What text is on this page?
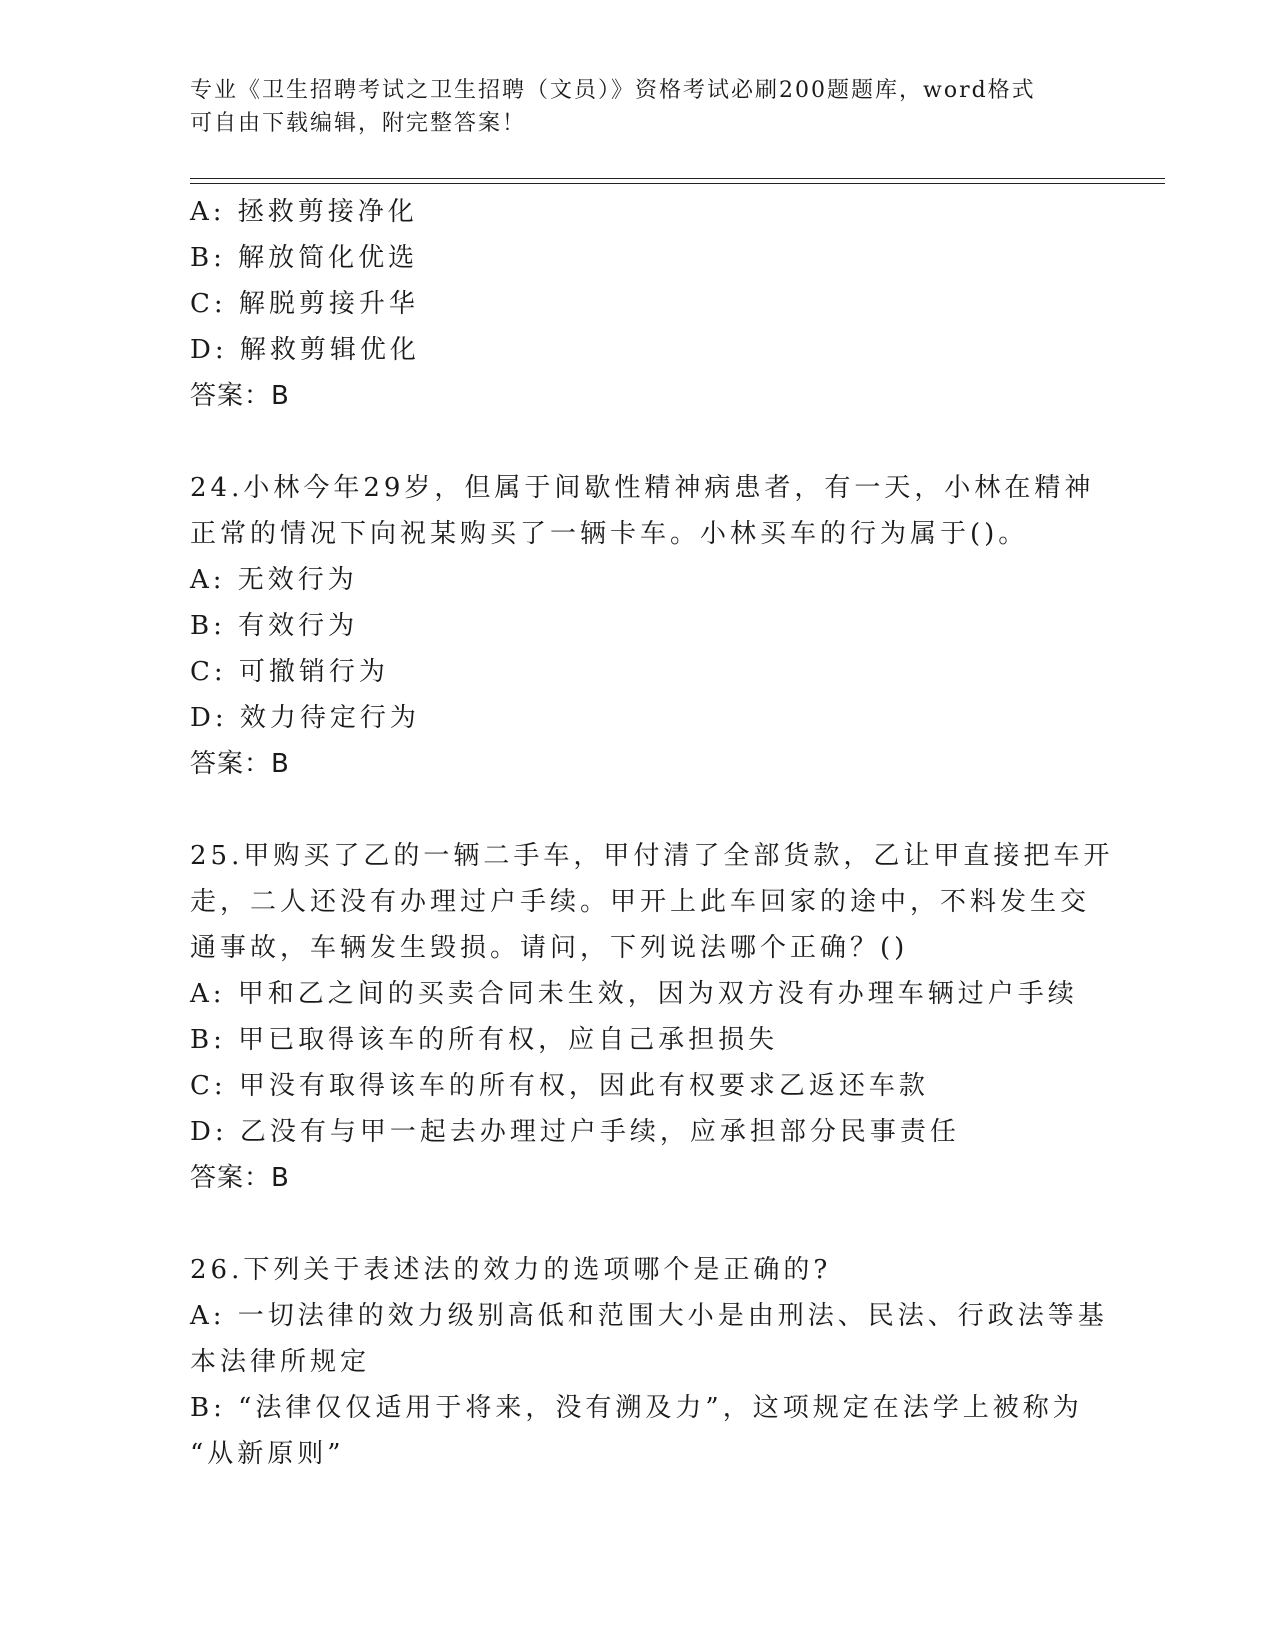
专业《卫生招聘考试之卫生招聘（文员）》资格考试必刷200题题库，word格式
可自由下载编辑，附完整答案！
A: 拯救剪接净化
B: 解放简化优选
C: 解脱剪接升华
D: 解救剪辑优化
答案：B
24.小林今年29岁，但属于间歇性精神病患者，有一天，小林在精神
正常的情况下向祝某购买了一辆卡车。小林买车的行为属于()。
A: 无效行为
B: 有效行为
C: 可撤销行为
D: 效力待定行为
答案：B
25.甲购买了乙的一辆二手车，甲付清了全部货款，乙让甲直接把车开
走，二人还没有办理过户手续。甲开上此车回家的途中，不料发生交
通事故，车辆发生毁损。请问，下列说法哪个正确？()
A: 甲和乙之间的买卖合同未生效，因为双方没有办理车辆过户手续
B: 甲已取得该车的所有权，应自己承担损失
C: 甲没有取得该车的所有权，因此有权要求乙返还车款
D: 乙没有与甲一起去办理过户手续，应承担部分民事责任
答案：B
26.下列关于表述法的效力的选项哪个是正确的?
A: 一切法律的效力级别高低和范围大小是由刑法、民法、行政法等基
本法律所规定
B: “法律仅仅适用于将来，没有溯及力”，这项规定在法学上被称为
“从新原则”
